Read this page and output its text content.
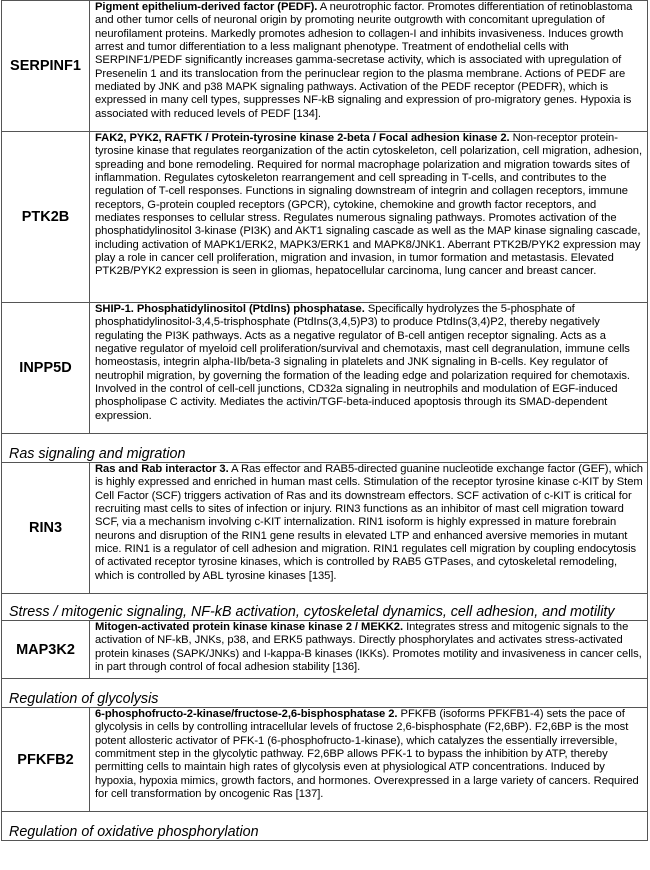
SERPINF1	Pigment epithelium-derived factor (PEDF). A neurotrophic factor. Promotes differentiation of retinoblastoma and other tumor cells of neuronal origin by promoting neurite outgrowth with concomitant upregulation of neurofilament proteins. Markedly promotes adhesion to collagen-I and inhibits invasiveness. Induces growth arrest and tumor differentiation to a less malignant phenotype. Treatment of endothelial cells with SERPINF1/PEDF significantly increases gamma-secretase activity, which is associated with upregulation of Presenelin 1 and its translocation from the perinuclear region to the plasma membrane. Actions of PEDF are mediated by JNK and p38 MAPK signaling pathways. Activation of the PEDF receptor (PEDFR), which is expressed in many cell types, suppresses NF-kB signaling and expression of pro-migratory genes. Hypoxia is associated with reduced levels of PEDF [134].
PTK2B	FAK2, PYK2, RAFTK / Protein-tyrosine kinase 2-beta / Focal adhesion kinase 2. Non-receptor protein-tyrosine kinase that regulates reorganization of the actin cytoskeleton, cell polarization, cell migration, adhesion, spreading and bone remodeling. Required for normal macrophage polarization and migration towards sites of inflammation. Regulates cytoskeleton rearrangement and cell spreading in T-cells, and contributes to the regulation of T-cell responses. Functions in signaling downstream of integrin and collagen receptors, immune receptors, G-protein coupled receptors (GPCR), cytokine, chemokine and growth factor receptors, and mediates responses to cellular stress. Regulates numerous signaling pathways. Promotes activation of the phosphatidylinositol 3-kinase (PI3K) and AKT1 signaling cascade as well as the MAP kinase signaling cascade, including activation of MAPK1/ERK2, MAPK3/ERK1 and MAPK8/JNK1. Aberrant PTK2B/PYK2 expression may play a role in cancer cell proliferation, migration and invasion, in tumor formation and metastasis. Elevated PTK2B/PYK2 expression is seen in gliomas, hepatocellular carcinoma, lung cancer and breast cancer.
INPP5D	SHIP-1. Phosphatidylinositol (PtdIns) phosphatase. Specifically hydrolyzes the 5-phosphate of phosphatidylinositol-3,4,5-trisphosphate (PtdIns(3,4,5)P3) to produce PtdIns(3,4)P2, thereby negatively regulating the PI3K pathways. Acts as a negative regulator of B-cell antigen receptor signaling. Acts as a negative regulator of myeloid cell proliferation/survival and chemotaxis, mast cell degranulation, immune cells homeostasis, integrin alpha-IIb/beta-3 signaling in platelets and JNK signaling in B-cells. Key regulator of neutrophil migration, by governing the formation of the leading edge and polarization required for chemotaxis. Involved in the control of cell-cell junctions, CD32a signaling in neutrophils and modulation of EGF-induced phospholipase C activity. Mediates the activin/TGF-beta-induced apoptosis through its SMAD-dependent expression.
Ras signaling and migration	
RIN3	Ras and Rab interactor 3. A Ras effector and RAB5-directed guanine nucleotide exchange factor (GEF), which is highly expressed and enriched in human mast cells. Stimulation of the receptor tyrosine kinase c-KIT by Stem Cell Factor (SCF) triggers activation of Ras and its downstream effectors. SCF activation of c-KIT is critical for recruiting mast cells to sites of infection or injury. RIN3 functions as an inhibitor of mast cell migration toward SCF, via a mechanism involving c-KIT internalization. RIN1 isoform is highly expressed in mature forebrain neurons and disruption of the RIN1 gene results in elevated LTP and enhanced aversive memories in mutant mice. RIN1 is a regulator of cell adhesion and migration. RIN1 regulates cell migration by coupling endocytosis of activated receptor tyrosine kinases, which is controlled by RAB5 GTPases, and cytoskeletal remodeling, which is controlled by ABL tyrosine kinases [135].
Stress / mitogenic signaling, NF-kB activation, cytoskeletal dynamics, cell adhesion, and motility	
MAP3K2	Mitogen-activated protein kinase kinase kinase 2 / MEKK2. Integrates stress and mitogenic signals to the activation of NF-kB, JNKs, p38, and ERK5 pathways. Directly phosphorylates and activates stress-activated protein kinases (SAPK/JNKs) and I-kappa-B kinases (IKKs). Promotes motility and invasiveness in cancer cells, in part through control of focal adhesion stability [136].
Regulation of glycolysis	
PFKFB2	6-phosphofructo-2-kinase/fructose-2,6-bisphosphatase 2. PFKFB (isoforms PFKFB1-4) sets the pace of glycolysis in cells by controlling intracellular levels of fructose 2,6-bisphosphate (F2,6BP). F2,6BP is the most potent allosteric activator of PFK-1 (6-phosphofructo-1-kinase), which catalyzes the essentially irreversible, commitment step in the glycolytic pathway. F2,6BP allows PFK-1 to bypass the inhibition by ATP, thereby permitting cells to maintain high rates of glycolysis even at physiological ATP concentrations. Induced by hypoxia, hypoxia mimics, growth factors, and hormones. Overexpressed in a large variety of cancers. Required for cell transformation by oncogenic Ras [137].
Regulation of oxidative phosphorylation	
